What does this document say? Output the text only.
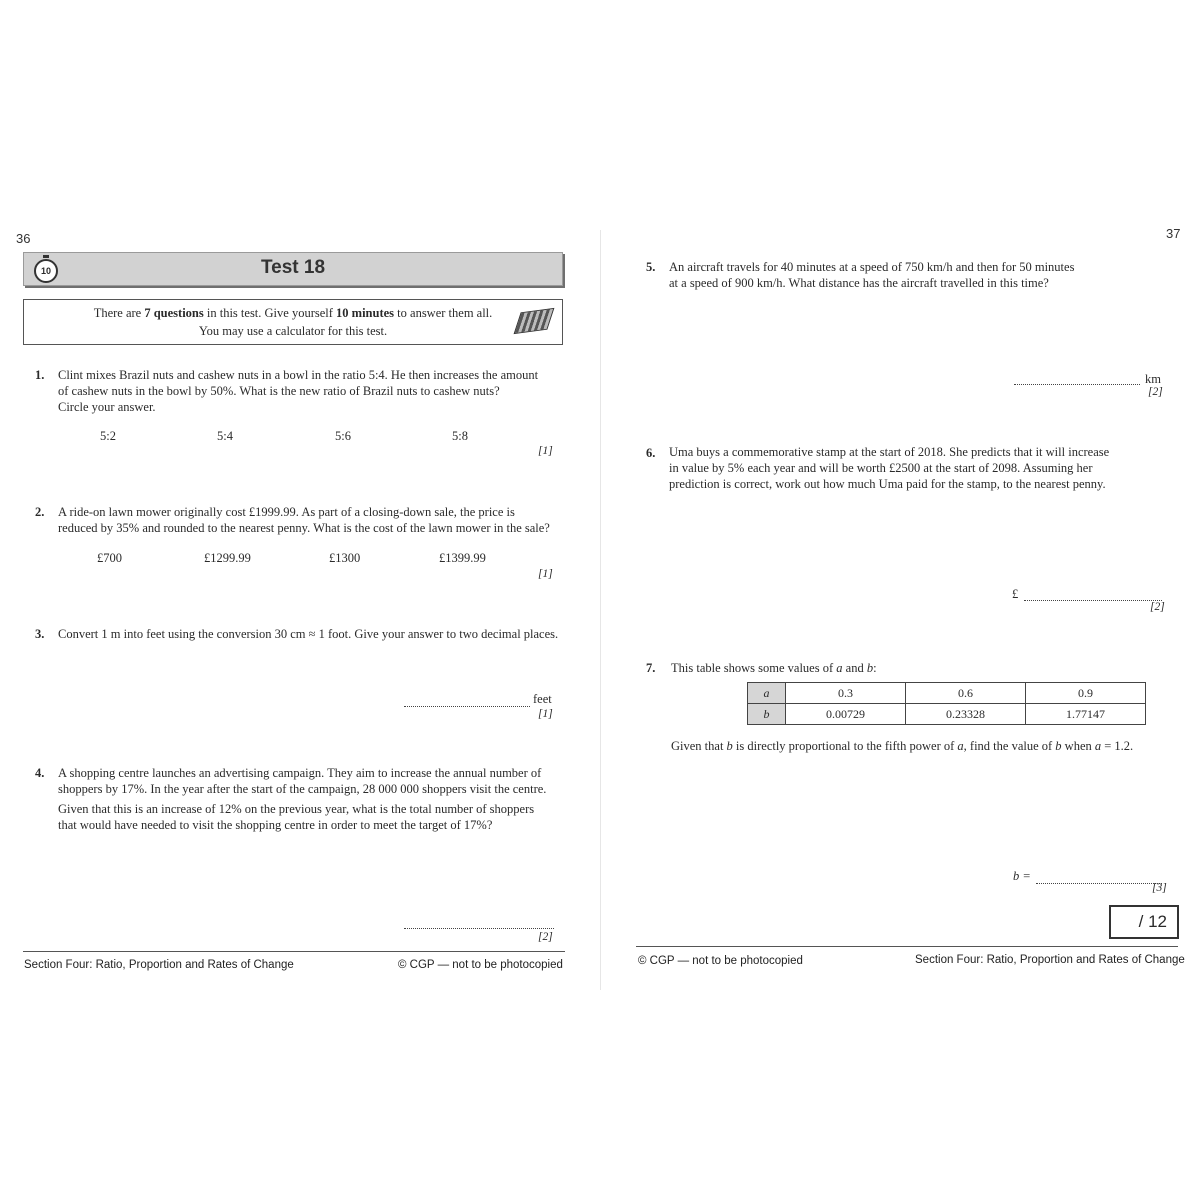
36
10	Test 18
There are 7 questions in this test. Give yourself 10 minutes to answer them all.
You may use a calculator for this test.
1. Clint mixes Brazil nuts and cashew nuts in a bowl in the ratio 5:4. He then increases the amount
of cashew nuts in the bowl by 50%. What is the new ratio of Brazil nuts to cashew nuts?
Circle your answer.
5:2	5:4	5:6	5:8
[1]
2. A ride-on lawn mower originally cost £1999.99. As part of a closing-down sale, the price is
reduced by 35% and rounded to the nearest penny. What is the cost of the lawn mower in the sale?
£700	£1299.99	£1300	£1399.99
[1]
3. Convert 1 m into feet using the conversion 30 cm ≈ 1 foot. Give your answer to two decimal places.
feet
[1]
4. A shopping centre launches an advertising campaign. They aim to increase the annual number of
shoppers by 17%. In the year after the start of the campaign, 28 000 000 shoppers visit the centre.
Given that this is an increase of 12% on the previous year, what is the total number of shoppers
that would have needed to visit the shopping centre in order to meet the target of 17%?
[2]
Section Four: Ratio, Proportion and Rates of Change	© CGP — not to be photocopied
37
5. An aircraft travels for 40 minutes at a speed of 750 km/h and then for 50 minutes
at a speed of 900 km/h. What distance has the aircraft travelled in this time?
km
[2]
6. Uma buys a commemorative stamp at the start of 2018. She predicts that it will increase
in value by 5% each year and will be worth £2500 at the start of 2098. Assuming her
prediction is correct, work out how much Uma paid for the stamp, to the nearest penny.
£
[2]
7. This table shows some values of a and b:
a	0.3	0.6	0.9
b	0.00729	0.23328	1.77147
Given that b is directly proportional to the fifth power of a, find the value of b when a = 1.2.
b =
[3]
/ 12
© CGP — not to be photocopied	Section Four: Ratio, Proportion and Rates of Change
